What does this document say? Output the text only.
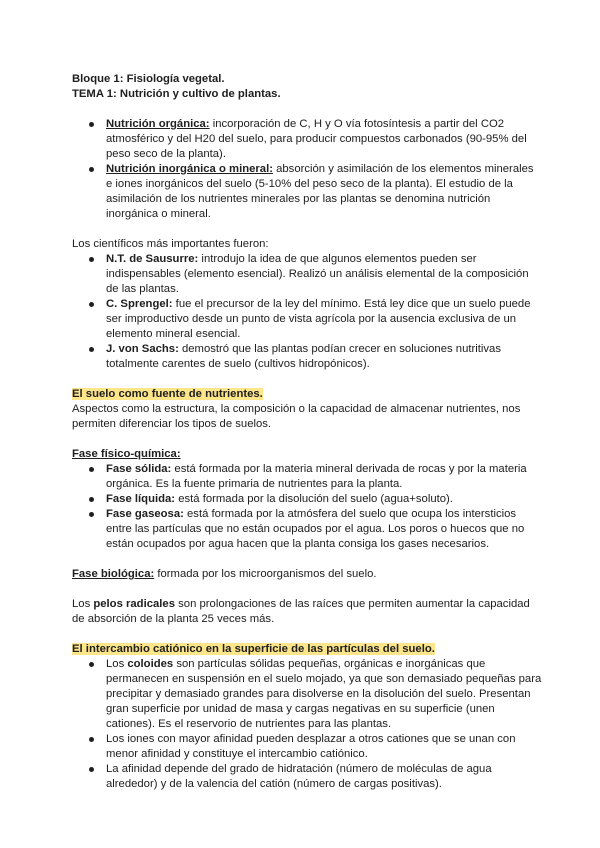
Bloque 1: Fisiología vegetal.

TEMA 1: Nutrición y cultivo de plantas.

Nutrición orgánica: incorporación de C, H y O vía fotosíntesis a partir del CO2 atmosférico y del H20 del suelo, para producir compuestos carbonados (90-95% del peso seco de la planta).
Nutrición inorgánica o mineral: absorción y asimilación de los elementos minerales e iones inorgánicos del suelo (5-10% del peso seco de la planta). El estudio de la asimilación de los nutrientes minerales por las plantas se denomina nutrición inorgánica o mineral.

Los científicos más importantes fueron:

N.T. de Sausurre: introdujo la idea de que algunos elementos pueden ser indispensables (elemento esencial). Realizó un análisis elemental de la composición de las plantas.
C. Sprengel: fue el precursor de la ley del mínimo. Está ley dice que un suelo puede ser improductivo desde un punto de vista agrícola por la ausencia exclusiva de un elemento mineral esencial.
J. von Sachs: demostró que las plantas podían crecer en soluciones nutritivas totalmente carentes de suelo (cultivos hidropónicos).

El suelo como fuente de nutrientes.

Aspectos como la estructura, la composición o la capacidad de almacenar nutrientes, nos permiten diferenciar los tipos de suelos.

Fase físico-química:

Fase sólida: está formada por la materia mineral derivada de rocas y por la materia orgánica. Es la fuente primaria de nutrientes para la planta.
Fase líquida: está formada por la disolución del suelo (agua+soluto).
Fase gaseosa: está formada por la atmósfera del suelo que ocupa los intersticios entre las partículas que no están ocupados por el agua. Los poros o huecos que no están ocupados por agua hacen que la planta consiga los gases necesarios.

Fase biológica: formada por los microorganismos del suelo.

Los pelos radicales son prolongaciones de las raíces que permiten aumentar la capacidad de absorción de la planta 25 veces más.

El intercambio catiónico en la superficie de las partículas del suelo.

Los coloides son partículas sólidas pequeñas, orgánicas e inorgánicas que permanecen en suspensión en el suelo mojado, ya que son demasiado pequeñas para precipitar y demasiado grandes para disolverse en la disolución del suelo. Presentan gran superficie por unidad de masa y cargas negativas en su superficie (unen cationes). Es el reservorio de nutrientes para las plantas.
Los iones con mayor afinidad pueden desplazar a otros cationes que se unan con menor afinidad y constituye el intercambio catiónico.
La afinidad depende del grado de hidratación (número de moléculas de agua alrededor) y de la valencia del catión (número de cargas positivas).
